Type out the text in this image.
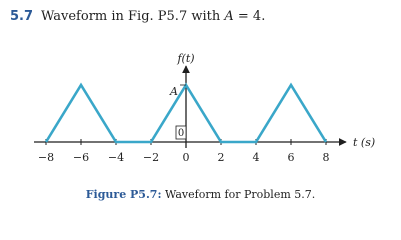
5.7 Waveform in Fig. P5.7 with A = 4.
−8 −6 −4 −2 0	2	4	6	8
f(t)
t (s)
A
0
Figure P5.7: Waveform for Problem 5.7.
